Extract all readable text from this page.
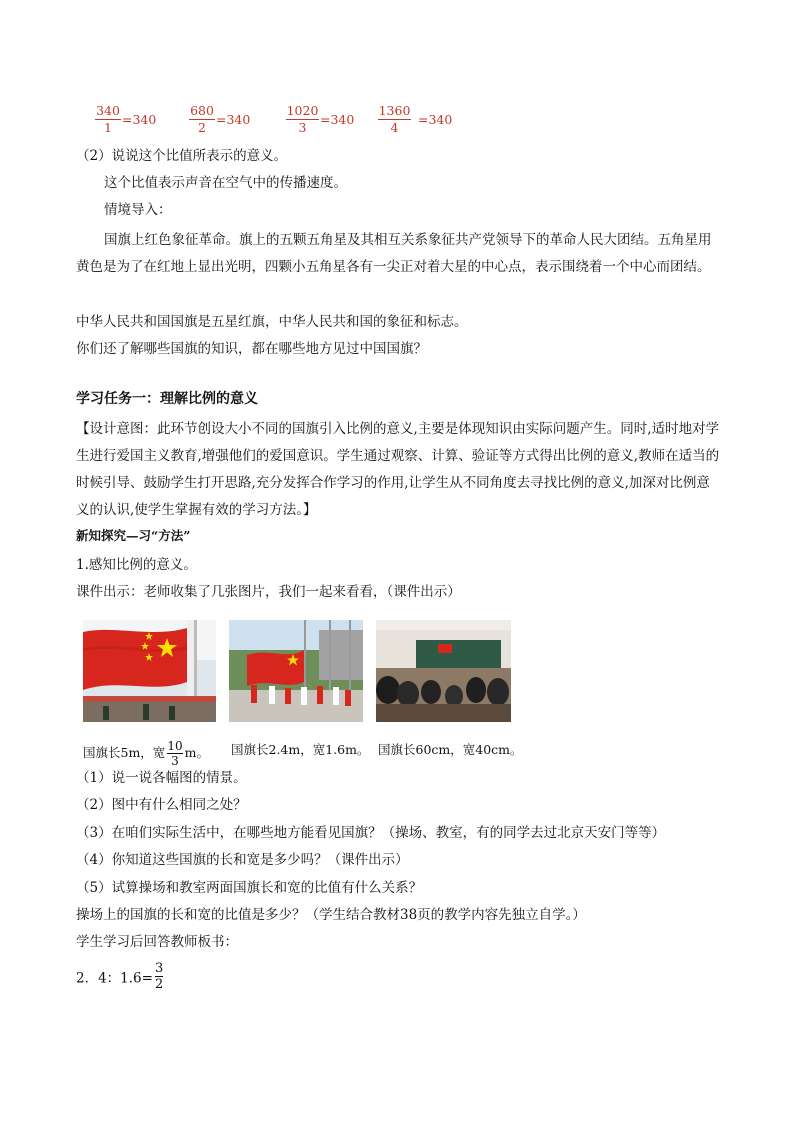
340
1
=340
680
2
=340
1020
3
=340
1360
4
=340
（2）说说这个比值所表示的意义。
这个比值表示声音在空气中的传播速度。
情境导入：
国旗上红色象征革命。旗上的五颗五角星及其相互关系象征共产党领导下的革命人民大团结。五角星用黄色是为了在红地上显出光明，四颗小五角星各有一尖正对着大星的中心点，表示围绕着一个中心而团结。
中华人民共和国国旗是五星红旗，中华人民共和国的象征和标志。
你们还了解哪些国旗的知识，都在哪些地方见过中国国旗？
学习任务一：理解比例的意义
【设计意图：此环节创设大小不同的国旗引入比例的意义,主要是体现知识由实际问题产生。同时,适时地对学生进行爱国主义教育,增强他们的爱国意识。学生通过观察、计算、验证等方式得出比例的意义,教师在适当的时候引导、鼓励学生打开思路,充分发挥合作学习的作用,让学生从不同角度去寻找比例的意义,加深对比例意义的认识,使学生掌握有效的学习方法。】
新知探究—习“方法”
1.感知比例的意义。
课件出示：老师收集了几张图片，我们一起来看看，（课件出示）
国旗长5m，宽 $\frac{10}{3}$ m。 国旗长2.4m，宽1.6m。 国旗长60cm，宽40cm。
（1）说一说各幅图的情景。
（2）图中有什么相同之处？
（3）在咱们实际生活中，在哪些地方能看见国旗？（操场、教室，有的同学去过北京天安门等等）
（4）你知道这些国旗的长和宽是多少吗？（课件出示）
（5）试算操场和教室两面国旗长和宽的比值有什么关系？
操场上的国旗的长和宽的比值是多少？（学生结合教材38页的教学内容先独立自学。）
学生学习后回答教师板书：
2．4：$1.6= \frac{3}{2}$
